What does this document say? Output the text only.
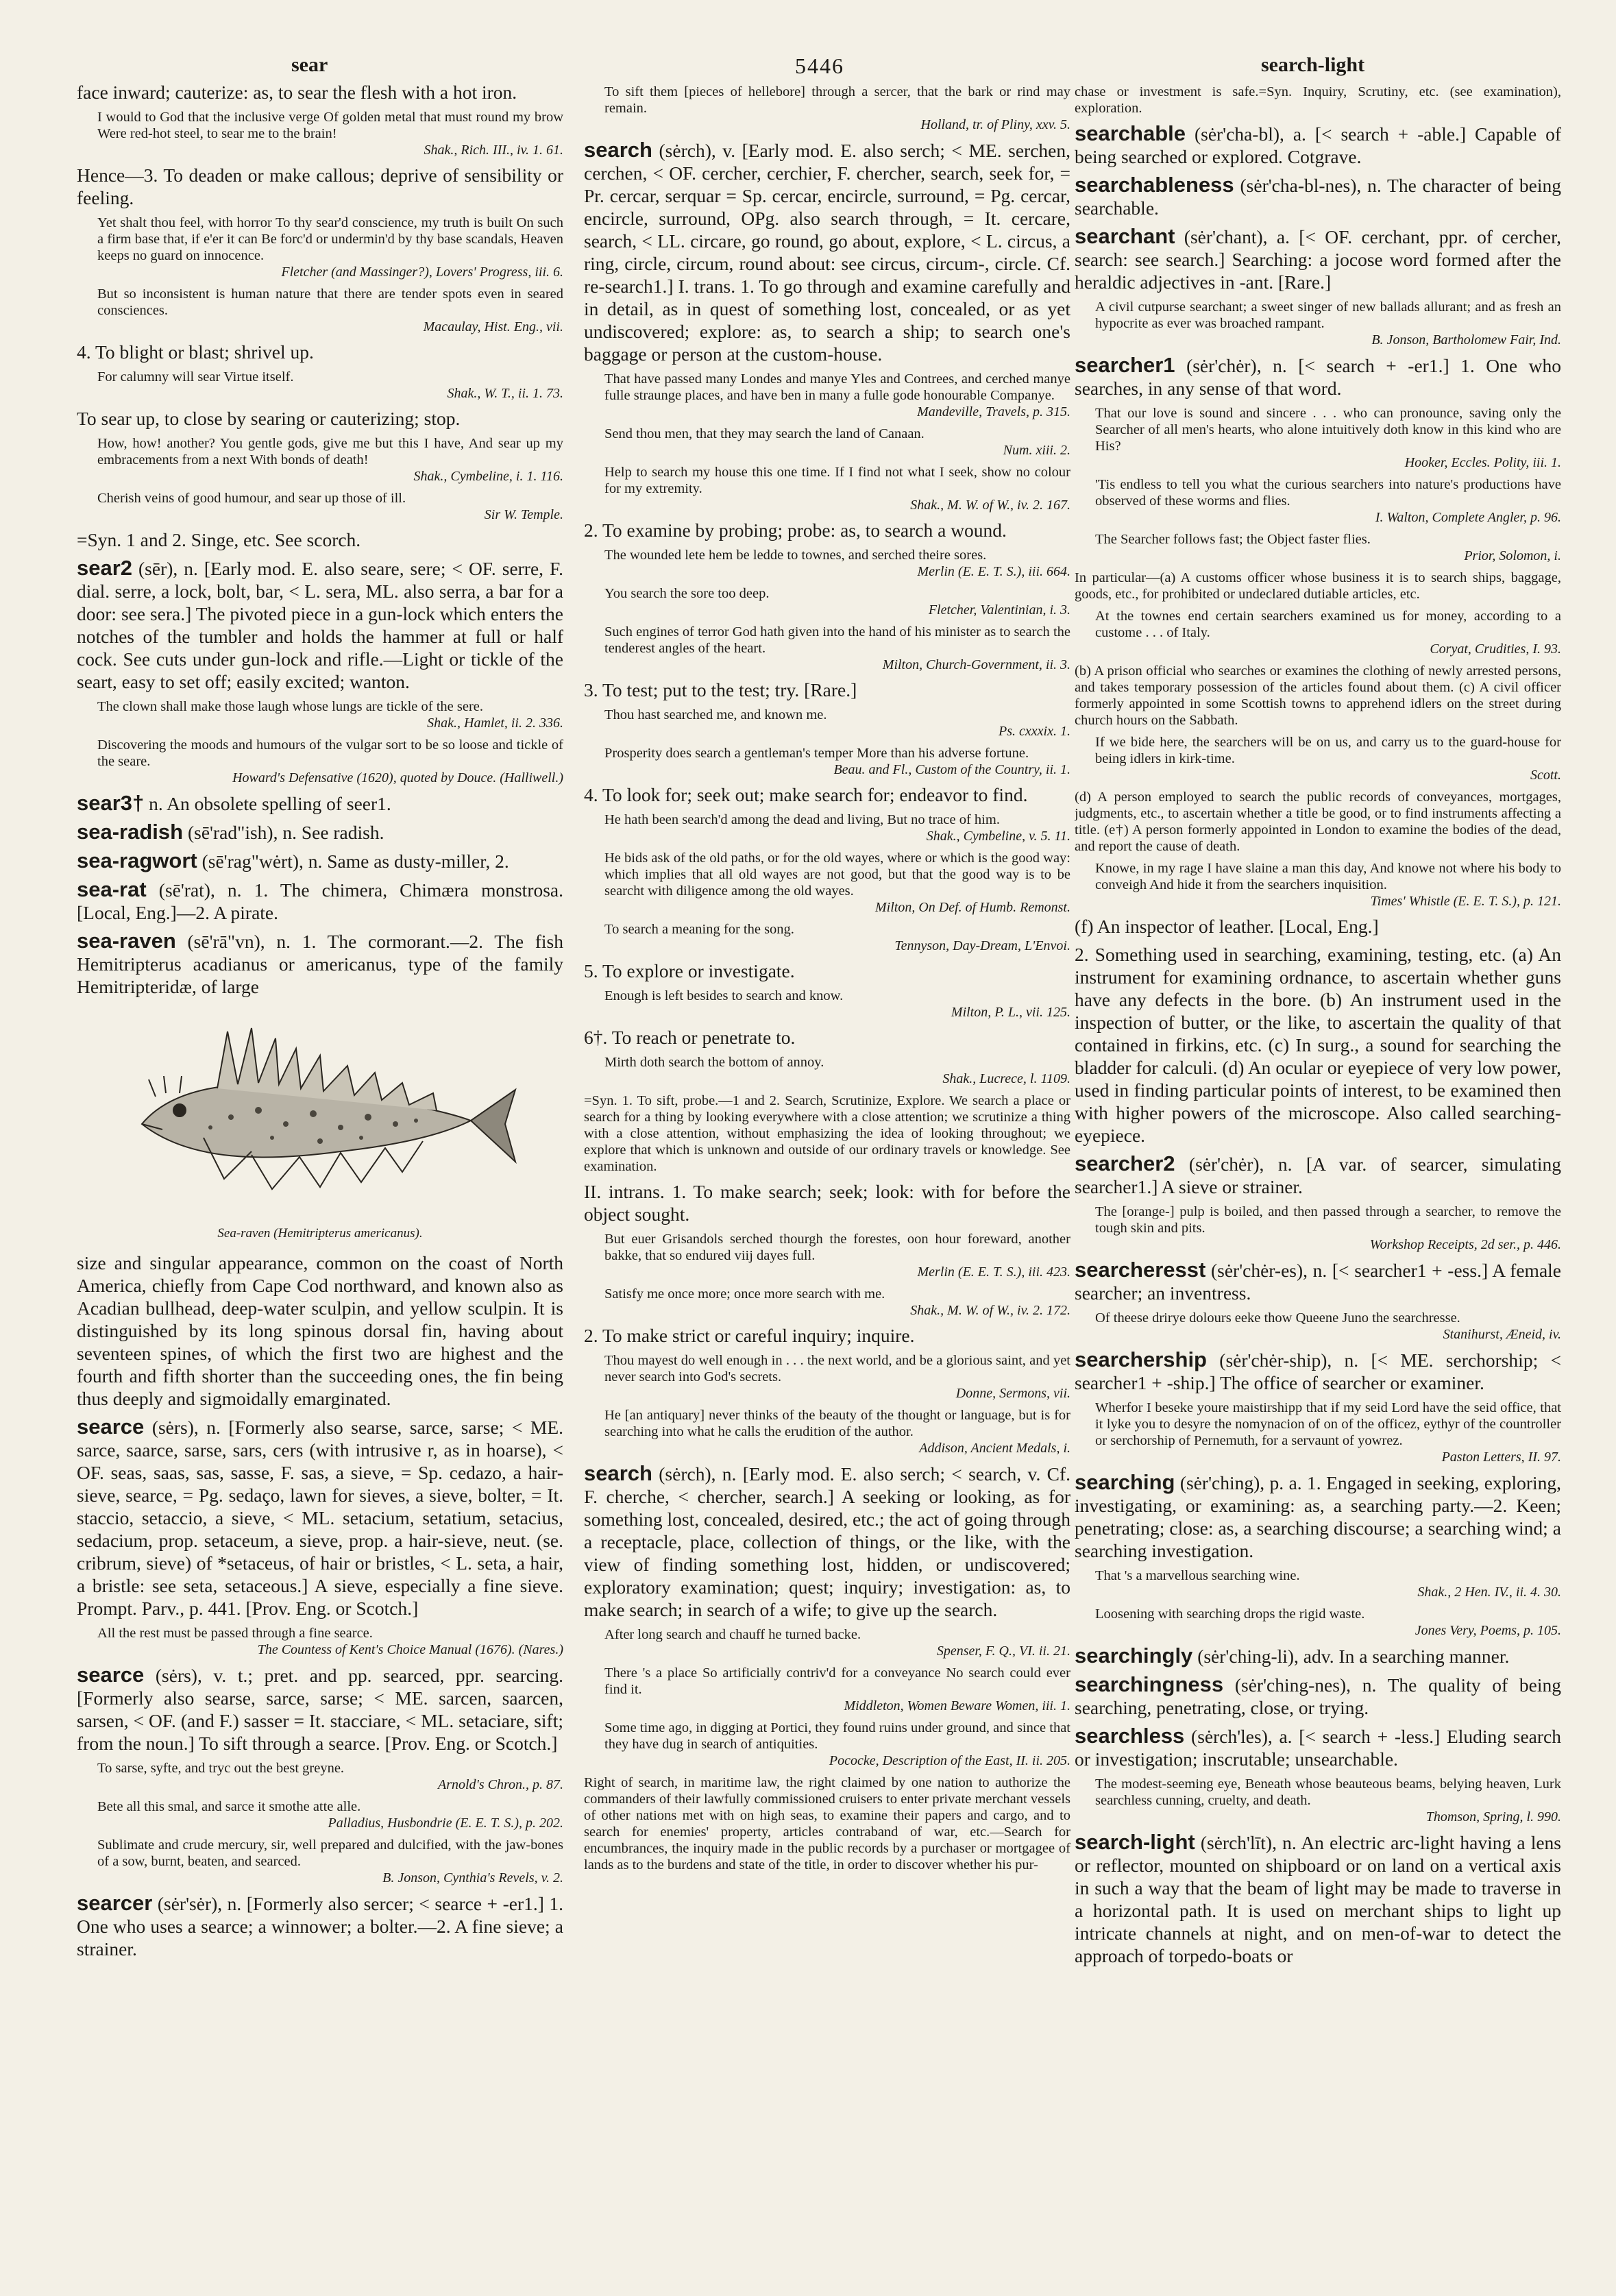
sear	5446	search-light

face inward; cauterize: as, to sear the flesh with a hot iron.

I would to God that the inclusive verge Of golden metal that must round my brow Were red-hot steel, to sear me to the brain!
Shak., Rich. III., iv. 1. 61.

Hence—3. To deaden or make callous; deprive of sensibility or feeling.

Yet shalt thou feel, with horror To thy sear'd conscience, my truth is built On such a firm base that, if e'er it can Be forc'd or undermin'd by thy base scandals, Heaven keeps no guard on innocence.
Fletcher (and Massinger?), Lovers' Progress, iii. 6.
But so inconsistent is human nature that there are tender spots even in seared consciences.
Macaulay, Hist. Eng., vii.

4. To blight or blast; shrivel up.

For calumny will sear Virtue itself.
Shak., W. T., ii. 1. 73.

To sear up, to close by searing or cauterizing; stop.

How, how! another? You gentle gods, give me but this I have, And sear up my embracements from a next With bonds of death!
Shak., Cymbeline, i. 1. 116.
Cherish veins of good humour, and sear up those of ill.
Sir W. Temple.

=Syn. 1 and 2. Singe, etc. See scorch.

sear2 (sēr), n. [Early mod. E. also seare, sere; < OF. serre, F. dial. serre, a lock, bolt, bar, < L. sera, ML. also serra, a bar for a door: see sera.] The pivoted piece in a gun-lock which enters the notches of the tumbler and holds the hammer at full or half cock. See cuts under gun-lock and rifle.—Light or tickle of the seart, easy to set off; easily excited; wanton.

The clown shall make those laugh whose lungs are tickle of the sere.
Shak., Hamlet, ii. 2. 336.
Discovering the moods and humours of the vulgar sort to be so loose and tickle of the seare.
Howard's Defensative (1620), quoted by Douce. (Halliwell.)

sear3† n. An obsolete spelling of seer1.

sea-radish (sē'rad"ish), n. See radish.

sea-ragwort (sē'rag"wėrt), n. Same as dusty-miller, 2.

sea-rat (sē'rat), n. 1. The chimera, Chimæra monstrosa. [Local, Eng.]—2. A pirate.

sea-raven (sē'rā"vn), n. 1. The cormorant.—2. The fish Hemitripterus acadianus or americanus, type of the family Hemitripteridæ, of large

Sea-raven (Hemitripterus americanus).

size and singular appearance, common on the coast of North America, chiefly from Cape Cod northward, and known also as Acadian bullhead, deep-water sculpin, and yellow sculpin. It is distinguished by its long spinous dorsal fin, having about seventeen spines, of which the first two are highest and the fourth and fifth shorter than the succeeding ones, the fin being thus deeply and sigmoidally emarginated.

searce (sėrs), n. [Formerly also searse, sarce, sarse; < ME. sarce, saarce, sarse, sars, cers (with intrusive r, as in hoarse), < OF. seas, saas, sas, sasse, F. sas, a sieve, = Sp. cedazo, a hair-sieve, searce, = Pg. sedaço, lawn for sieves, a sieve, bolter, = It. staccio, setaccio, a sieve, < ML. setacium, setatium, setacius, sedacium, prop. setaceum, a sieve, prop. a hair-sieve, neut. (se. cribrum, sieve) of *setaceus, of hair or bristles, < L. seta, a hair, a bristle: see seta, setaceous.] A sieve, especially a fine sieve. Prompt. Parv., p. 441. [Prov. Eng. or Scotch.]

All the rest must be passed through a fine searce.
The Countess of Kent's Choice Manual (1676). (Nares.)

searce (sėrs), v. t.; pret. and pp. searced, ppr. searcing. [Formerly also searse, sarce, sarse; < ME. sarcen, saarcen, sarsen, < OF. (and F.) sasser = It. stacciare, < ML. setaciare, sift; from the noun.] To sift through a searce. [Prov. Eng. or Scotch.]

To sarse, syfte, and tryc out the best greyne.
Arnold's Chron., p. 87.
Bete all this smal, and sarce it smothe atte alle.
Palladius, Husbondrie (E. E. T. S.), p. 202.
Sublimate and crude mercury, sir, well prepared and dulcified, with the jaw-bones of a sow, burnt, beaten, and searced.
B. Jonson, Cynthia's Revels, v. 2.

searcer (sėr'sėr), n. [Formerly also sercer; < searce + -er1.] 1. One who uses a searce; a winnower; a bolter.—2. A fine sieve; a strainer.

To sift them [pieces of hellebore] through a sercer, that the bark or rind may remain.
Holland, tr. of Pliny, xxv. 5.

search (sėrch), v. [Early mod. E. also serch; < ME. serchen, cerchen, < OF. cercher, cerchier, F. chercher, search, seek for, = Pr. cercar, serquar = Sp. cercar, encircle, surround, = Pg. cercar, encircle, surround, OPg. also search through, = It. cercare, search, < LL. circare, go round, go about, explore, < L. circus, a ring, circle, circum, round about: see circus, circum-, circle. Cf. re-search1.] I. trans. 1. To go through and examine carefully and in detail, as in quest of something lost, concealed, or as yet undiscovered; explore: as, to search a ship; to search one's baggage or person at the custom-house.

That have passed many Londes and manye Yles and Contrees, and cerched manye fulle straunge places, and have ben in many a fulle gode honourable Companye.
Mandeville, Travels, p. 315.
Send thou men, that they may search the land of Canaan.
Num. xiii. 2.
Help to search my house this one time. If I find not what I seek, show no colour for my extremity.
Shak., M. W. of W., iv. 2. 167.

2. To examine by probing; probe: as, to search a wound.

The wounded lete hem be ledde to townes, and serched theire sores.
Merlin (E. E. T. S.), iii. 664.
You search the sore too deep.
Fletcher, Valentinian, i. 3.
Such engines of terror God hath given into the hand of his minister as to search the tenderest angles of the heart.
Milton, Church-Government, ii. 3.

3. To test; put to the test; try. [Rare.]

Thou hast searched me, and known me.
Ps. cxxxix. 1.
Prosperity does search a gentleman's temper More than his adverse fortune.
Beau. and Fl., Custom of the Country, ii. 1.

4. To look for; seek out; make search for; endeavor to find.

He hath been search'd among the dead and living, But no trace of him.
Shak., Cymbeline, v. 5. 11.
He bids ask of the old paths, or for the old wayes, where or which is the good way: which implies that all old wayes are not good, but that the good way is to be searcht with diligence among the old wayes.
Milton, On Def. of Humb. Remonst.
To search a meaning for the song.
Tennyson, Day-Dream, L'Envoi.

5. To explore or investigate.

Enough is left besides to search and know.
Milton, P. L., vii. 125.

6†. To reach or penetrate to.

Mirth doth search the bottom of annoy.
Shak., Lucrece, l. 1109.
=Syn. 1. To sift, probe.—1 and 2. Search, Scrutinize, Explore. We search a place or search for a thing by looking everywhere with a close attention; we scrutinize a thing with a close attention, without emphasizing the idea of looking throughout; we explore that which is unknown and outside of our ordinary travels or knowledge. See examination.

II. intrans. 1. To make search; seek; look: with for before the object sought.

But euer Grisandols serched thourgh the forestes, oon hour foreward, another bakke, that so endured viij dayes full.
Merlin (E. E. T. S.), iii. 423.
Satisfy me once more; once more search with me.
Shak., M. W. of W., iv. 2. 172.

2. To make strict or careful inquiry; inquire.

Thou mayest do well enough in . . . the next world, and be a glorious saint, and yet never search into God's secrets.
Donne, Sermons, vii.
He [an antiquary] never thinks of the beauty of the thought or language, but is for searching into what he calls the erudition of the author.
Addison, Ancient Medals, i.

search (sėrch), n. [Early mod. E. also serch; < search, v. Cf. F. cherche, < chercher, search.] A seeking or looking, as for something lost, concealed, desired, etc.; the act of going through a receptacle, place, collection of things, or the like, with the view of finding something lost, hidden, or undiscovered; exploratory examination; quest; inquiry; investigation: as, to make search; in search of a wife; to give up the search.

After long search and chauff he turned backe.
Spenser, F. Q., VI. ii. 21.
There 's a place So artificially contriv'd for a conveyance No search could ever find it.
Middleton, Women Beware Women, iii. 1.
Some time ago, in digging at Portici, they found ruins under ground, and since that they have dug in search of antiquities.
Pococke, Description of the East, II. ii. 205.
Right of search, in maritime law, the right claimed by one nation to authorize the commanders of their lawfully commissioned cruisers to enter private merchant vessels of other nations met with on high seas, to examine their papers and cargo, and to search for enemies' property, articles contraband of war, etc.—Search for encumbrances, the inquiry made in the public records by a purchaser or mortgagee of lands as to the burdens and state of the title, in order to discover whether his pur-
chase or investment is safe.=Syn. Inquiry, Scrutiny, etc. (see examination), exploration.

searchable (sėr'cha-bl), a. [< search + -able.] Capable of being searched or explored. Cotgrave.

searchableness (sėr'cha-bl-nes), n. The character of being searchable.

searchant (sėr'chant), a. [< OF. cerchant, ppr. of cercher, search: see search.] Searching: a jocose word formed after the heraldic adjectives in -ant. [Rare.]

A civil cutpurse searchant; a sweet singer of new ballads allurant; and as fresh an hypocrite as ever was broached rampant.
B. Jonson, Bartholomew Fair, Ind.

searcher1 (sėr'chėr), n. [< search + -er1.] 1. One who searches, in any sense of that word.

That our love is sound and sincere . . . who can pronounce, saving only the Searcher of all men's hearts, who alone intuitively doth know in this kind who are His?
Hooker, Eccles. Polity, iii. 1.
'Tis endless to tell you what the curious searchers into nature's productions have observed of these worms and flies.
I. Walton, Complete Angler, p. 96.
The Searcher follows fast; the Object faster flies.
Prior, Solomon, i.
In particular—(a) A customs officer whose business it is to search ships, baggage, goods, etc., for prohibited or undeclared dutiable articles, etc.
At the townes end certain searchers examined us for money, according to a custome . . . of Italy.
Coryat, Crudities, I. 93.
(b) A prison official who searches or examines the clothing of newly arrested persons, and takes temporary possession of the articles found about them. (c) A civil officer formerly appointed in some Scottish towns to apprehend idlers on the street during church hours on the Sabbath.
If we bide here, the searchers will be on us, and carry us to the guard-house for being idlers in kirk-time.
Scott.
(d) A person employed to search the public records of conveyances, mortgages, judgments, etc., to ascertain whether a title be good, or to find instruments affecting a title. (e†) A person formerly appointed in London to examine the bodies of the dead, and report the cause of death.
Knowe, in my rage I have slaine a man this day, And knowe not where his body to conveigh And hide it from the searchers inquisition.
Times' Whistle (E. E. T. S.), p. 121.

(f) An inspector of leather. [Local, Eng.]

2. Something used in searching, examining, testing, etc. (a) An instrument for examining ordnance, to ascertain whether guns have any defects in the bore. (b) An instrument used in the inspection of butter, or the like, to ascertain the quality of that contained in firkins, etc. (c) In surg., a sound for searching the bladder for calculi. (d) An ocular or eyepiece of very low power, used in finding particular points of interest, to be examined then with higher powers of the microscope. Also called searching-eyepiece.

searcher2 (sėr'chėr), n. [A var. of searcer, simulating searcher1.] A sieve or strainer.

The [orange-] pulp is boiled, and then passed through a searcher, to remove the tough skin and pits.
Workshop Receipts, 2d ser., p. 446.

searcheresst (sėr'chėr-es), n. [< searcher1 + -ess.] A female searcher; an inventress.

Of theese drirye dolours eeke thow Queene Juno the searchresse.
Stanihurst, Æneid, iv.

searchership (sėr'chėr-ship), n. [< ME. serchorship; < searcher1 + -ship.] The office of searcher or examiner.

Wherfor I beseke youre maistirshipp that if my seid Lord have the seid office, that it lyke you to desyre the nomynacion of on of the officez, eythyr of the countroller or serchorship of Pernemuth, for a servaunt of yowrez.
Paston Letters, II. 97.

searching (sėr'ching), p. a. 1. Engaged in seeking, exploring, investigating, or examining: as, a searching party.—2. Keen; penetrating; close: as, a searching discourse; a searching wind; a searching investigation.

That 's a marvellous searching wine.
Shak., 2 Hen. IV., ii. 4. 30.
Loosening with searching drops the rigid waste.
Jones Very, Poems, p. 105.

searchingly (sėr'ching-li), adv. In a searching manner.

searchingness (sėr'ching-nes), n. The quality of being searching, penetrating, close, or trying.

searchless (sėrch'les), a. [< search + -less.] Eluding search or investigation; inscrutable; unsearchable.

The modest-seeming eye, Beneath whose beauteous beams, belying heaven, Lurk searchless cunning, cruelty, and death.
Thomson, Spring, l. 990.

search-light (sėrch'līt), n. An electric arc-light having a lens or reflector, mounted on shipboard or on land on a vertical axis in such a way that the beam of light may be made to traverse in a horizontal path. It is used on merchant ships to light up intricate channels at night, and on men-of-war to detect the approach of torpedo-boats or
